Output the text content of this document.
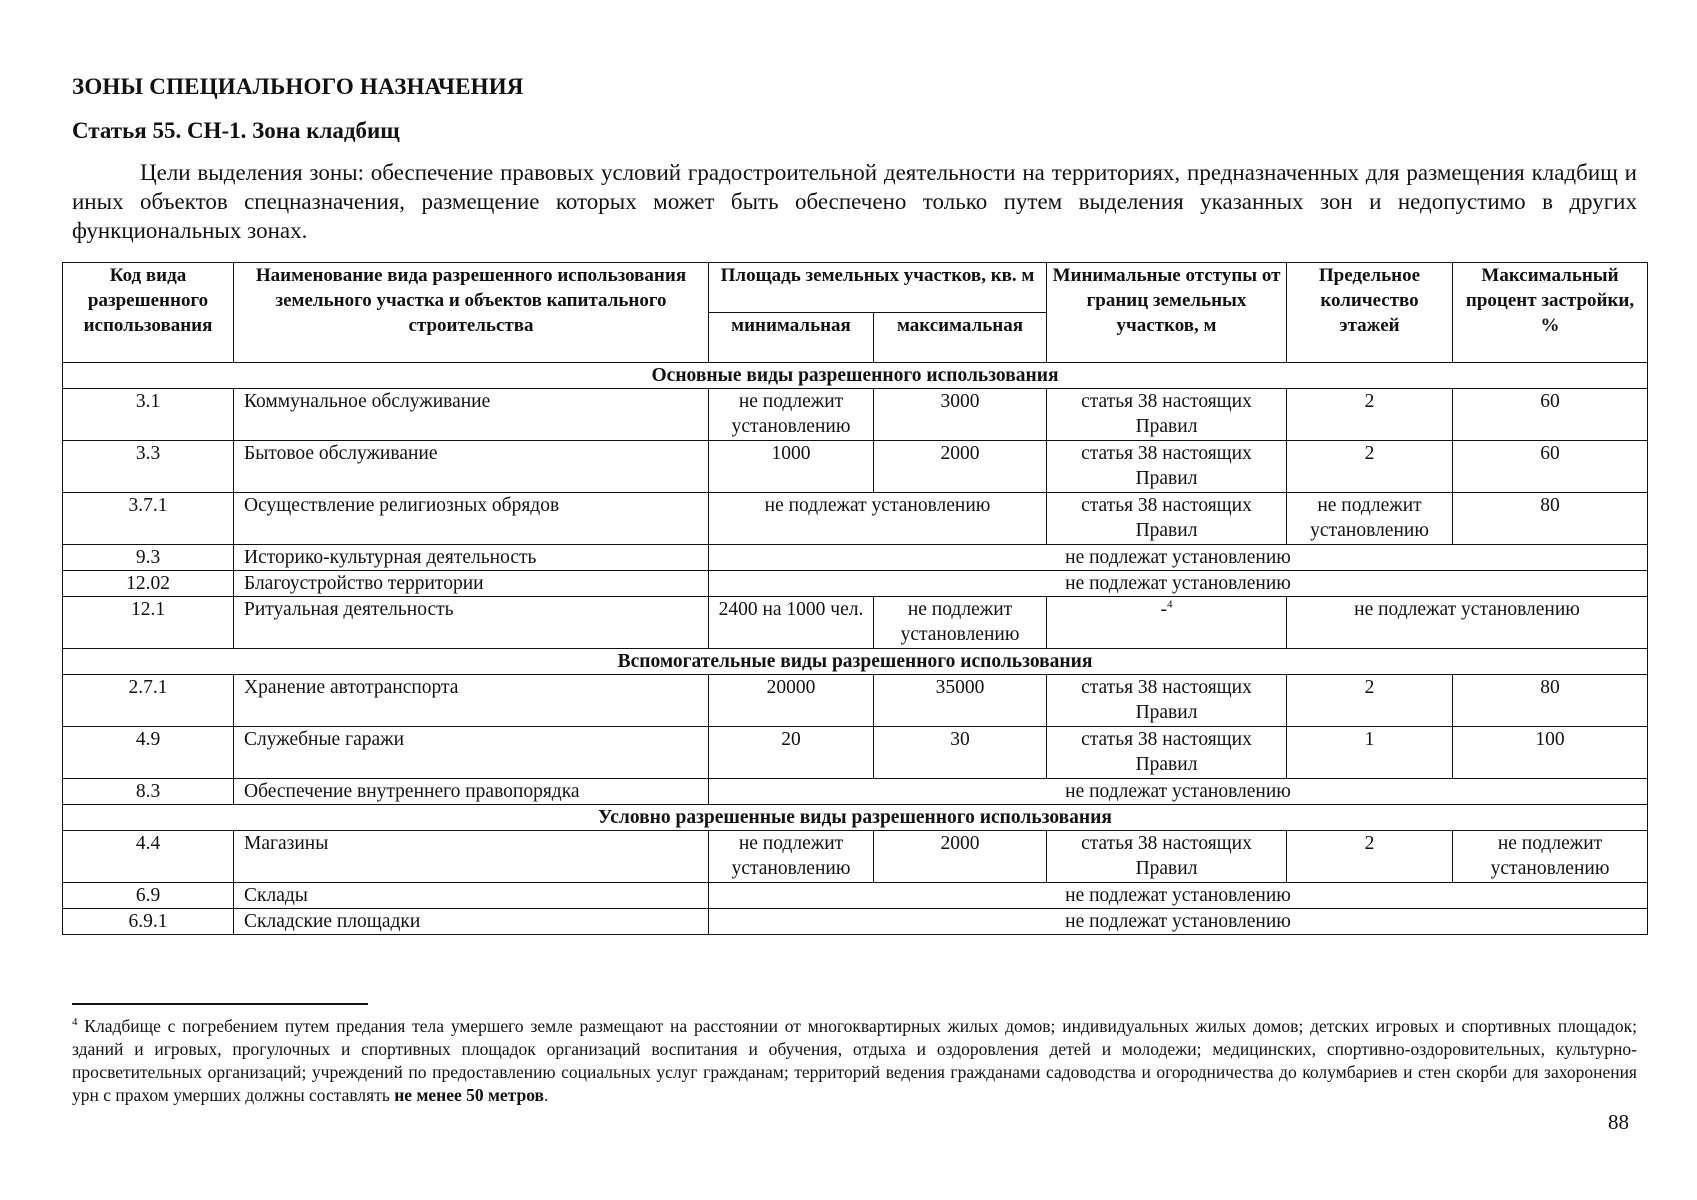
ЗОНЫ СПЕЦИАЛЬНОГО НАЗНАЧЕНИЯ
Статья 55. СН-1. Зона кладбищ

Цели выделения зоны: обеспечение правовых условий градостроительной деятельности на территориях, предназначенных для размещения кладбищ и иных объектов спецназначения, размещение которых может быть обеспечено только путем выделения указанных зон и недопустимо в других функциональных зонах.

Код вида разрешенного использования	Наименование вида разрешенного использования земельного участка и объектов капитального строительства	Площадь земельных участков, кв. м		Минимальные отступы от границ земельных участков, м	Предельное количество этажей	Максимальный процент застройки, %
		минимальная	максимальная			
Основные виды разрешенного использования						
3.1	Коммунальное обслуживание	не подлежит установлению	3000	статья 38 настоящих Правил	2	60
3.3	Бытовое обслуживание	1000	2000	статья 38 настоящих Правил	2	60
3.7.1	Осуществление религиозных обрядов	не подлежат установлению		статья 38 настоящих Правил	не подлежит установлению	80
9.3	Историко-культурная деятельность	не подлежат установлению				
12.02	Благоустройство территории	не подлежат установлению				
12.1	Ритуальная деятельность	2400 на 1000 чел.	не подлежит установлению	-$^4$	не подлежат установлению	
Вспомогательные виды разрешенного использования						
2.7.1	Хранение автотранспорта	20000	35000	статья 38 настоящих Правил	2	80
4.9	Служебные гаражи	20	30	статья 38 настоящих Правил	1	100
8.3	Обеспечение внутреннего правопорядка	не подлежат установлению				
Условно разрешенные виды разрешенного использования						
4.4	Магазины	не подлежит установлению	2000	статья 38 настоящих Правил	2	не подлежит установлению
6.9	Склады	не подлежат установлению				
6.9.1	Складские площадки	не подлежат установлению				

$^4$ Кладбище с погребением путем предания тела умершего земле размещают на расстоянии от многоквартирных жилых домов; индивидуальных жилых домов; детских игровых и спортивных площадок; зданий и игровых, прогулочных и спортивных площадок организаций воспитания и обучения, отдыха и оздоровления детей и молодежи; медицинских, спортивно-оздоровительных, культурно-просветительных организаций; учреждений по предоставлению социальных услуг гражданам; территорий ведения гражданами садоводства и огородничества до колумбариев и стен скорби для захоронения урн с прахом умерших должны составлять не менее 50 метров.

88
